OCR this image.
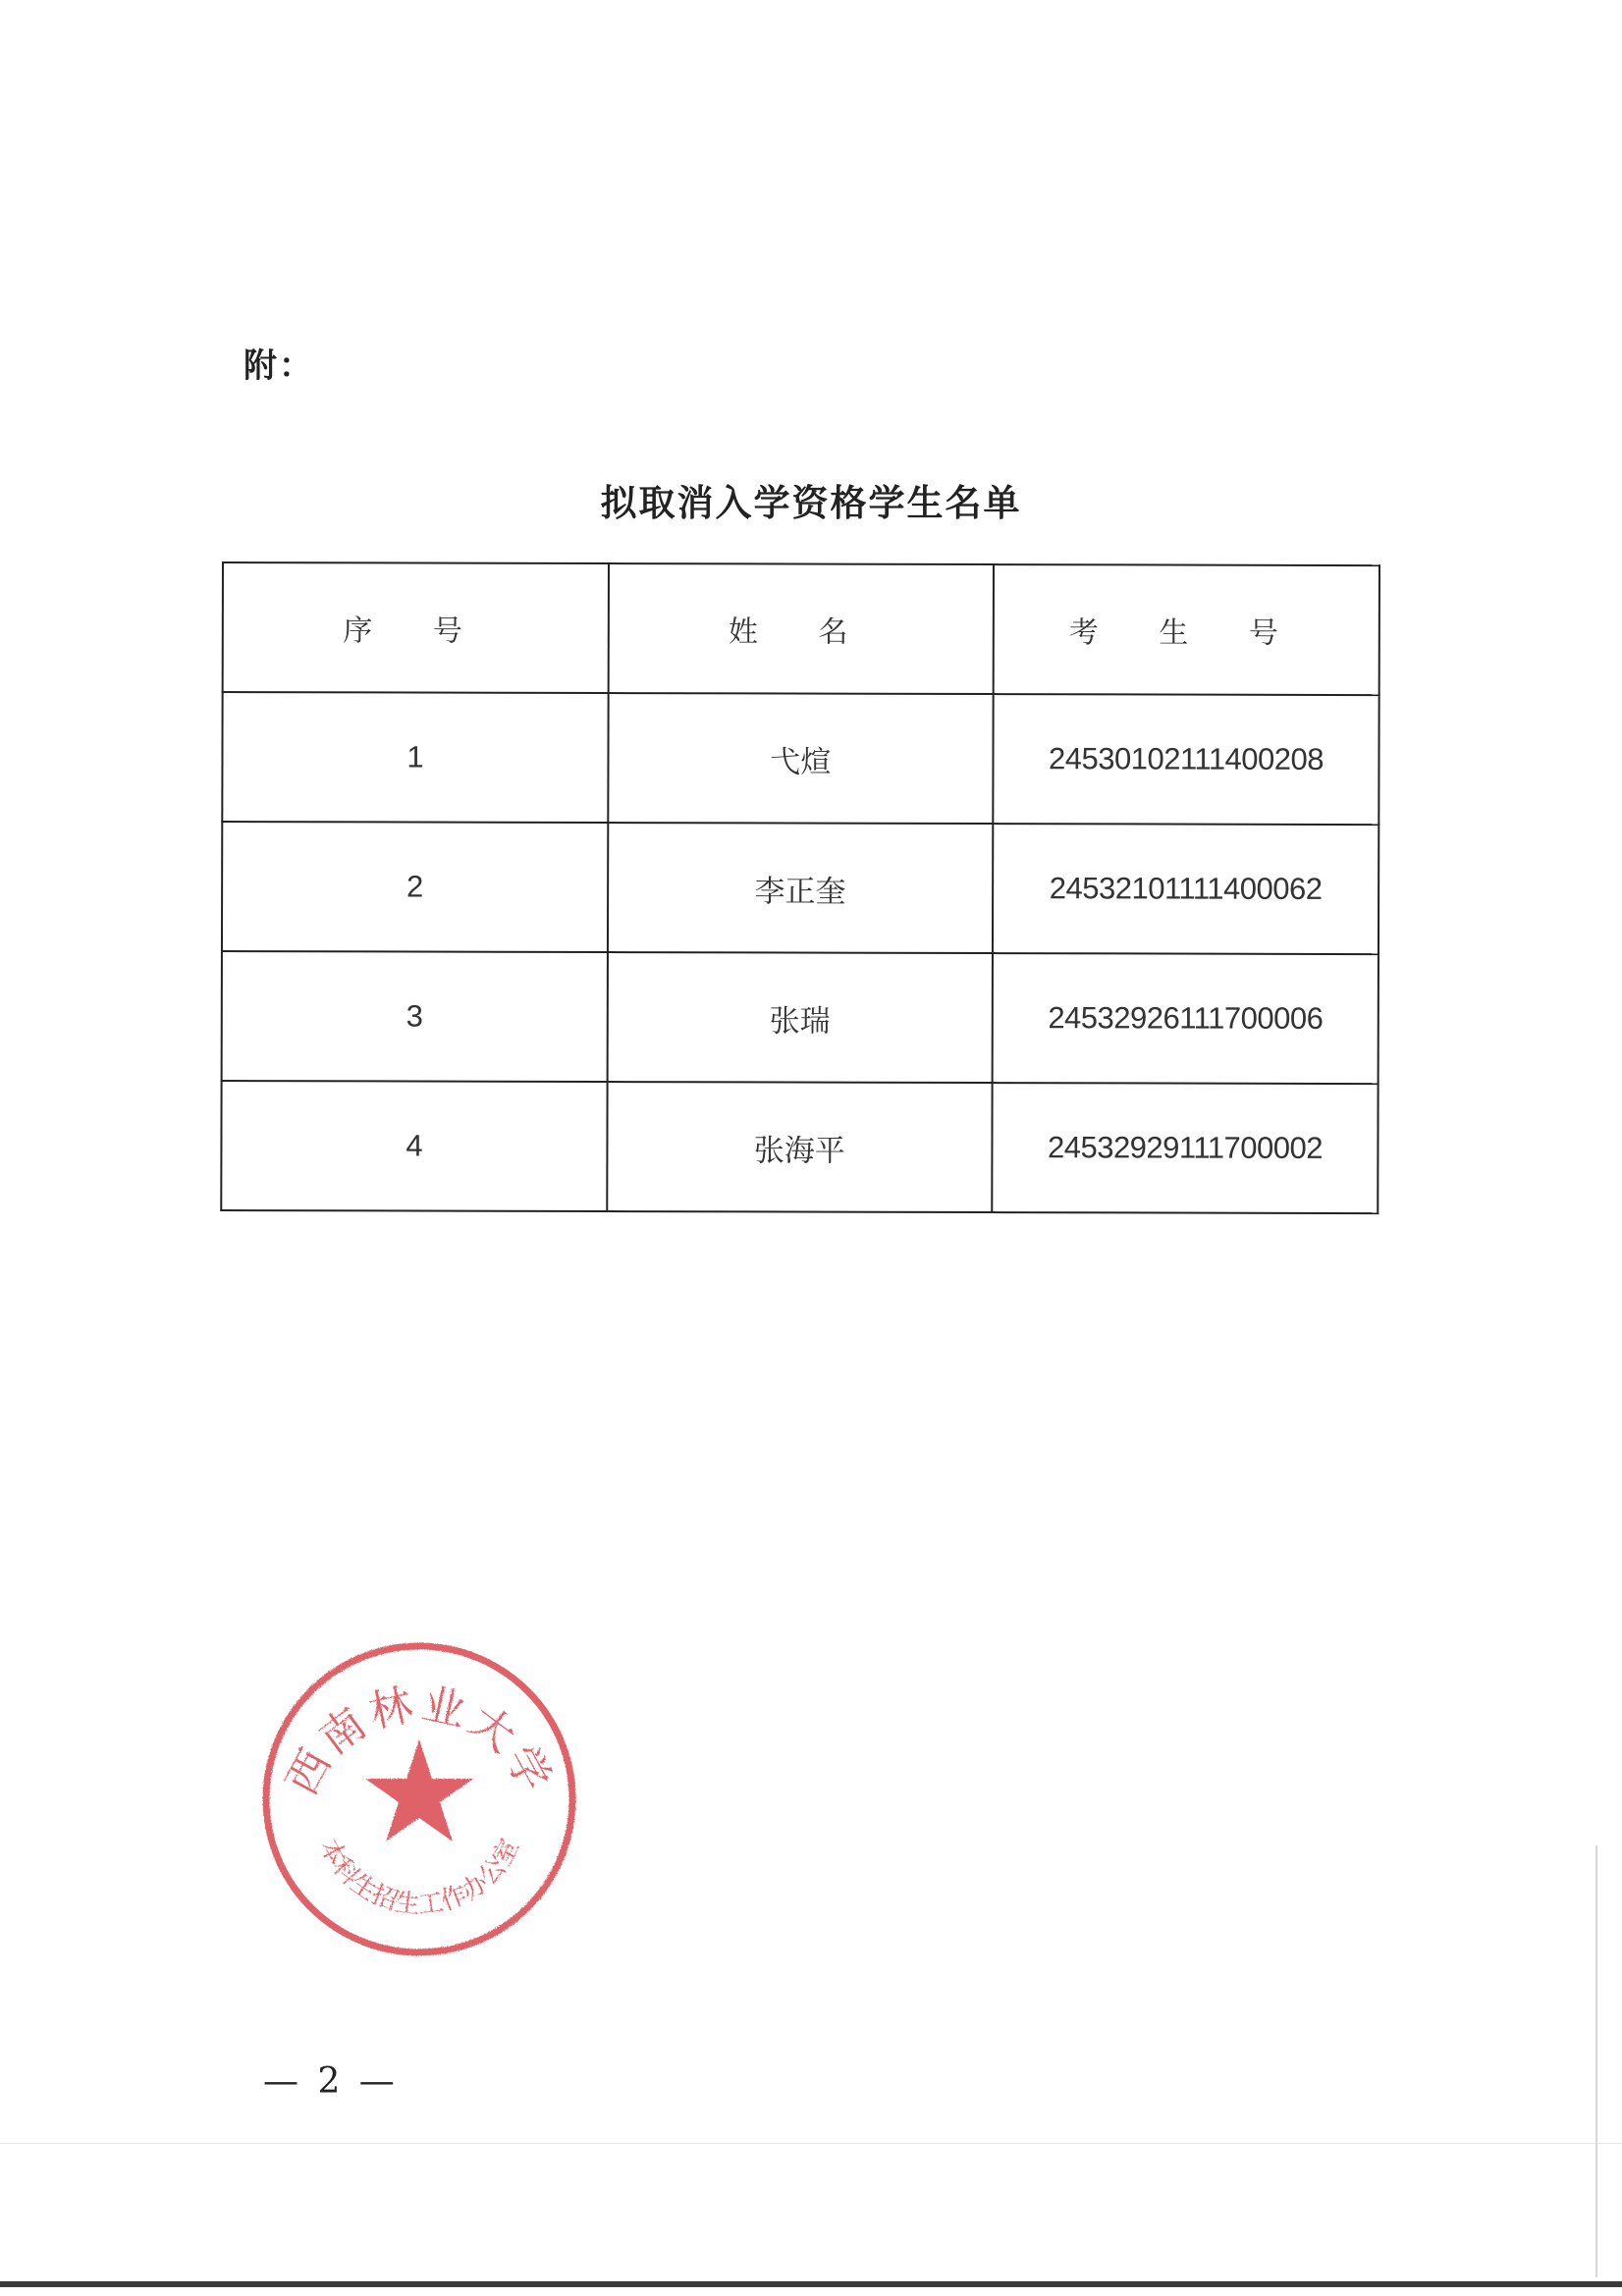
附：
拟取消入学资格学生名单
序 号	姓 名	考 生 号
1	弋煊	24530102111400208
2	李正奎	24532101111400062
3	张瑞	24532926111700006
4	张海平	24532929111700002
西南林业大学
本科生招生工作办公室
— 2 —
